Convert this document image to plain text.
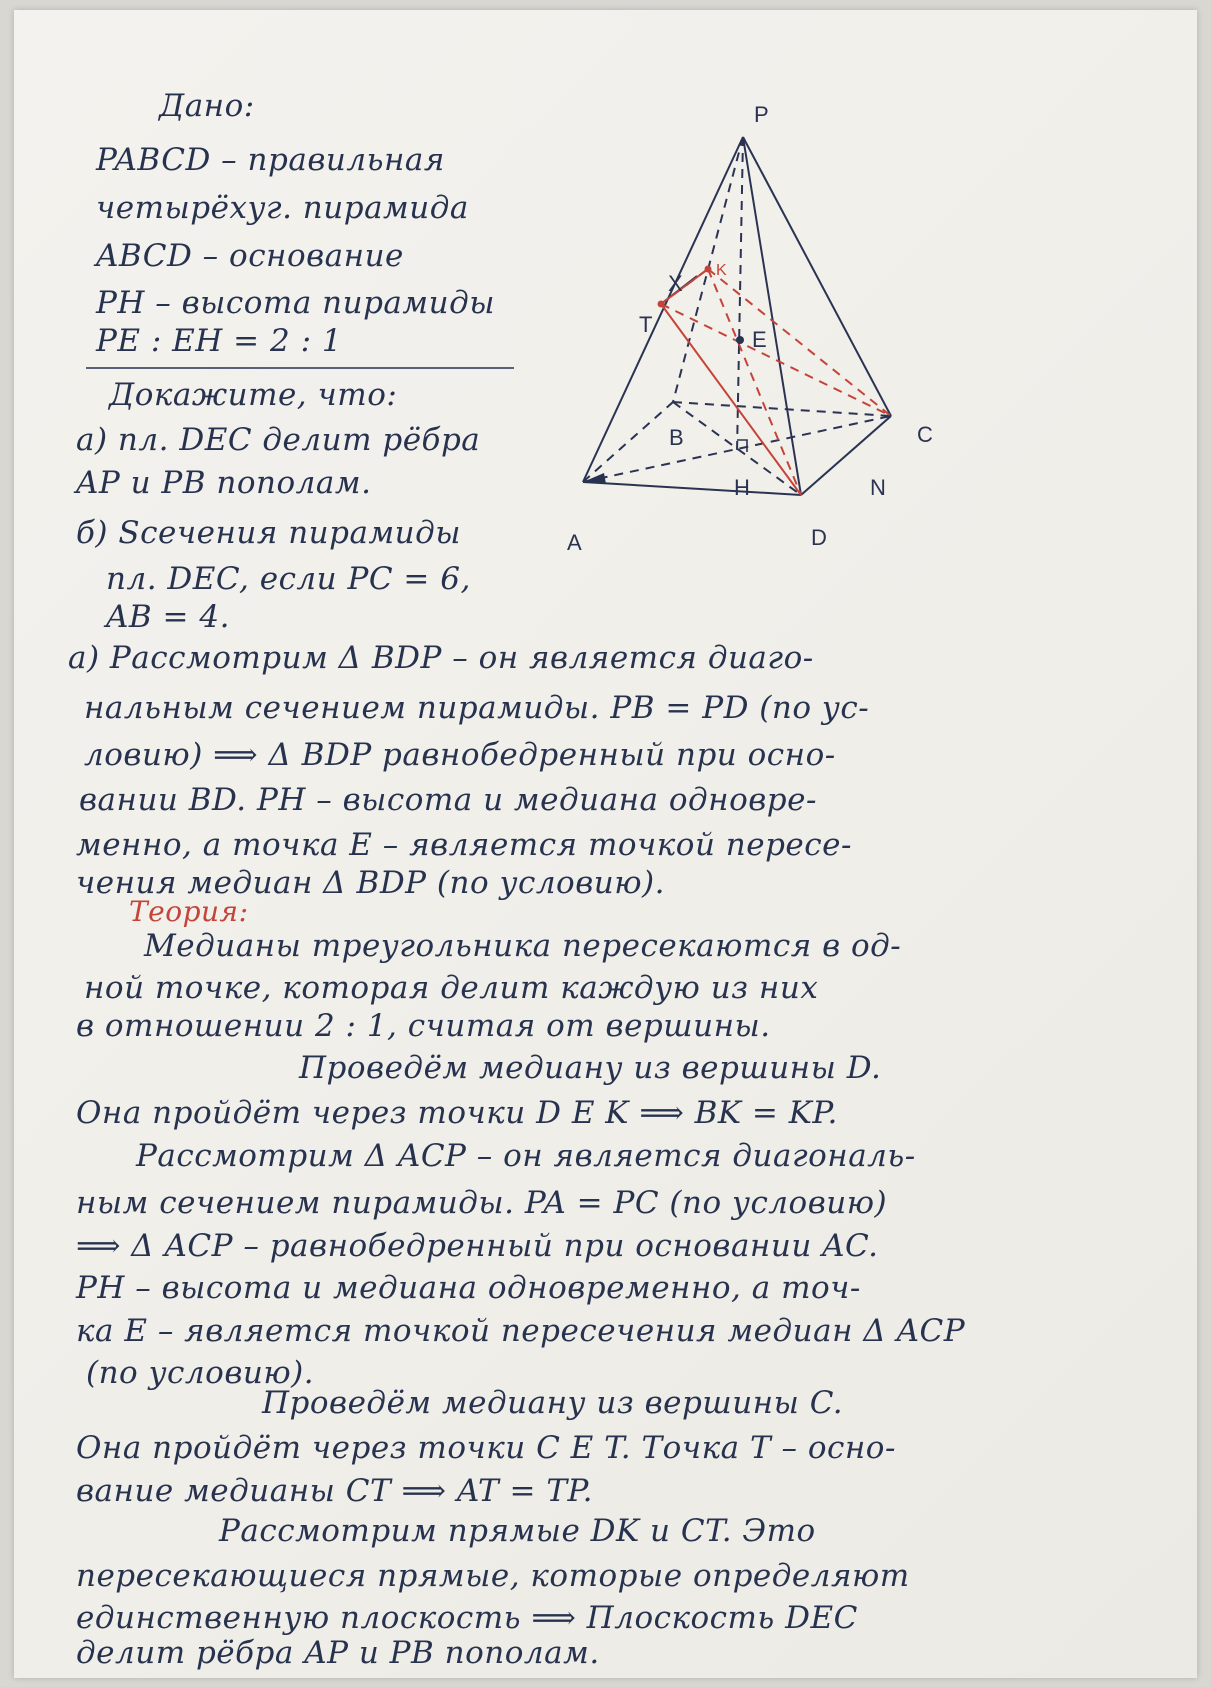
Дано:

PABCD – правильная

четырёхуг. пирамида

ABCD – основание

PH – высота пирамиды

PE : EH = 2 : 1

Докажите, что:

а) пл. DEC делит рёбра

AP и PB пополам.

б) Sсечения пирамиды

пл. DEC, если PC = 6,

AB = 4.

P
A
B	C
D
H
E
T
K
X
N

а) Рассмотрим Δ BDP – он является диаго-

нальным сечением пирамиды. PB = PD (по ус-

ловию) ⟹ Δ BDP равнобедренный при осно-

вании BD. PH – высота и медиана одновре-

менно, а точка E – является точкой пересе-

чения медиан Δ BDP (по условию).

Теория:

Медианы треугольника пересекаются в од-

ной точке, которая делит каждую из них

в отношении 2 : 1, считая от вершины.

Проведём медиану из вершины D.

Она пройдёт через точки D E K ⟹ BK = KP.

Рассмотрим Δ ACP – он является диагональ-

ным сечением пирамиды. PA = PC (по условию)

⟹ Δ ACP – равнобедренный при основании AC.

PH – высота и медиана одновременно, а точ-

ка E – является точкой пересечения медиан Δ ACP

(по условию).

Проведём медиану из вершины C.

Она пройдёт через точки C E T. Точка T – осно-

вание медианы CT ⟹ AT = TP.

Рассмотрим прямые DK и CT. Это

пересекающиеся прямые, которые определяют

единственную плоскость ⟹ Плоскость DEC

делит рёбра AP и PB пополам.
